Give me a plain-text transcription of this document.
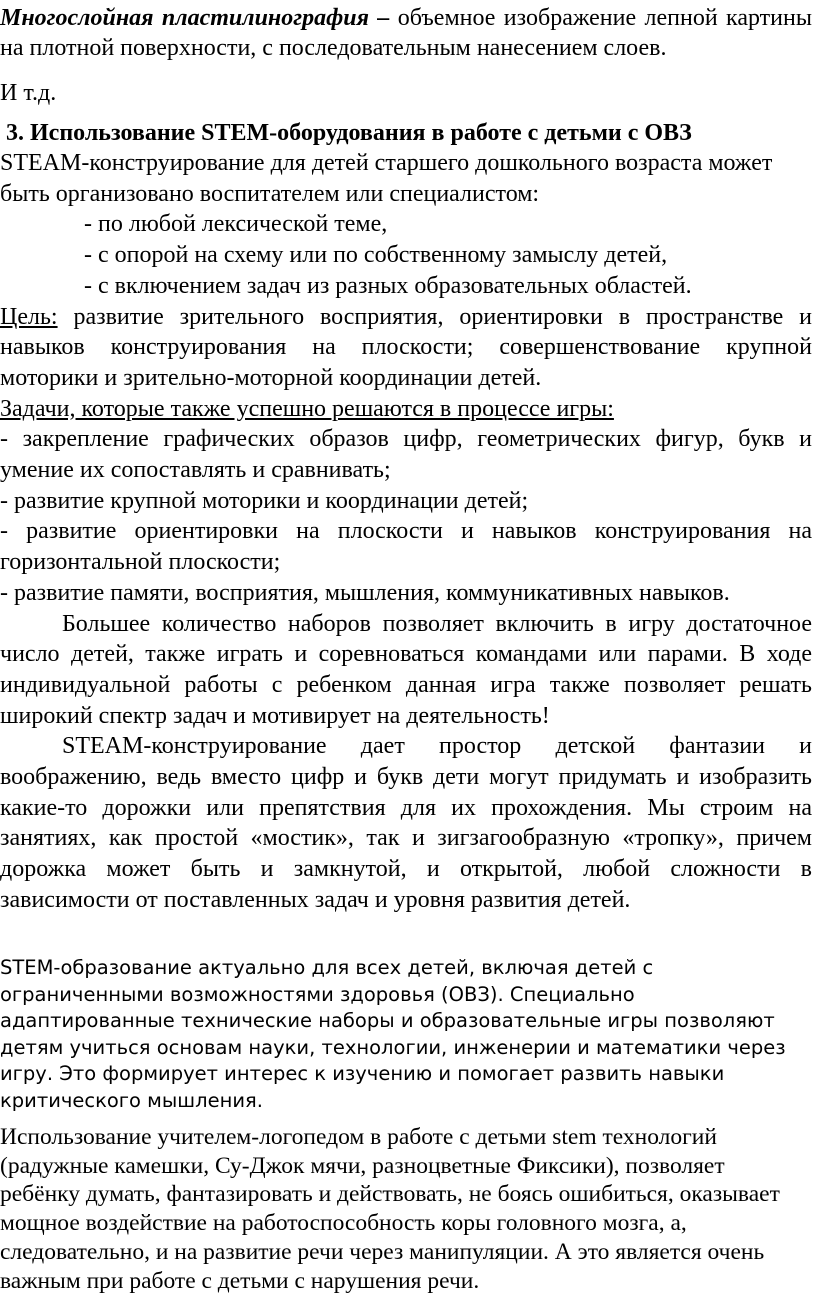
Многослойная пластилинография – объемное изображение лепной картины на плотной поверхности, с последовательным нанесением слоев.

И т.д.

3. Использование STEM-оборудования в работе с детьми с ОВЗ

STEAM-конструирование для детей старшего дошкольного возраста может быть организовано воспитателем или специалистом:

- по любой лексической теме,

- с опорой на схему или по собственному замыслу детей,

- с включением задач из разных образовательных областей.

Цель: развитие зрительного восприятия, ориентировки в пространстве и навыков конструирования на плоскости; совершенствование крупной моторики и зрительно-моторной координации детей.

Задачи, которые также успешно решаются в процессе игры:

- закрепление графических образов цифр, геометрических фигур, букв и умение их сопоставлять и сравнивать;

- развитие крупной моторики и координации детей;

- развитие ориентировки на плоскости и навыков конструирования на горизонтальной плоскости;

- развитие памяти, восприятия, мышления, коммуникативных навыков.

Большее количество наборов позволяет включить в игру достаточное число детей, также играть и соревноваться командами или парами. В ходе индивидуальной работы с ребенком данная игра также позволяет решать широкий спектр задач и мотивирует на деятельность!

STEAM-конструирование дает простор детской фантазии и воображению, ведь вместо цифр и букв дети могут придумать и изобразить какие-то дорожки или препятствия для их прохождения. Мы строим на занятиях, как простой «мостик», так и зигзагообразную «тропку», причем дорожка может быть и замкнутой, и открытой, любой сложности в зависимости от поставленных задач и уровня развития детей.

STEM-образование актуально для всех детей, включая детей с
ограниченными возможностями здоровья (ОВЗ). Специально
адаптированные технические наборы и образовательные игры позволяют
детям учиться основам науки, технологии, инженерии и математики через
игру. Это формирует интерес к изучению и помогает развить навыки
критического мышления.
Использование учителем-логопедом в работе с детьми stem технологий
(радужные камешки, Су-Джок мячи, разноцветные Фиксики), позволяет
ребёнку думать, фантазировать и действовать, не боясь ошибиться, оказывает
мощное воздействие на работоспособность коры головного мозга, а,
следовательно, и на развитие речи через манипуляции. А это является очень
важным при работе с детьми с нарушения речи.
